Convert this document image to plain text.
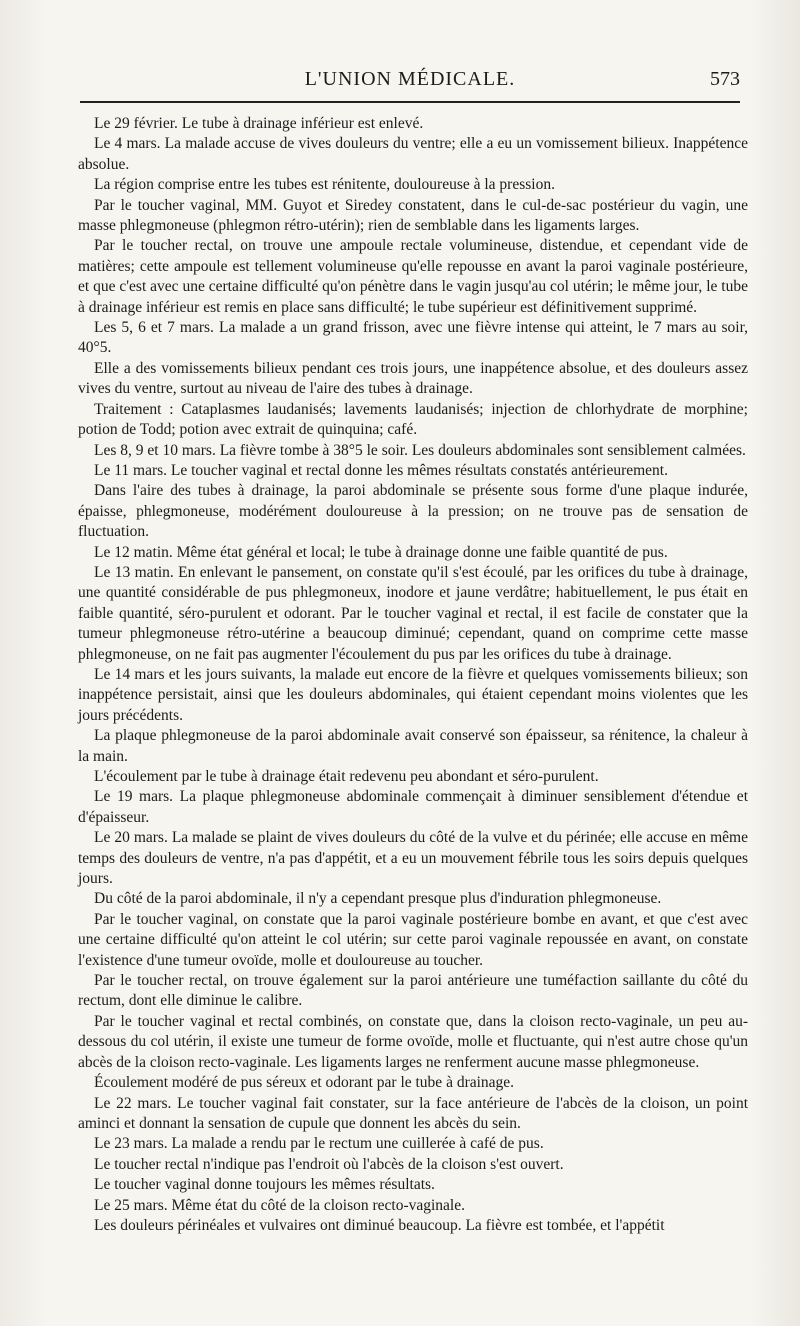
L'UNION MÉDICALE.	573

Le 29 février. Le tube à drainage inférieur est enlevé.

Le 4 mars. La malade accuse de vives douleurs du ventre; elle a eu un vomissement bilieux. Inappétence absolue.

La région comprise entre les tubes est rénitente, douloureuse à la pression.

Par le toucher vaginal, MM. Guyot et Siredey constatent, dans le cul-de-sac postérieur du vagin, une masse phlegmoneuse (phlegmon rétro-utérin); rien de semblable dans les ligaments larges.

Par le toucher rectal, on trouve une ampoule rectale volumineuse, distendue, et cependant vide de matières; cette ampoule est tellement volumineuse qu'elle repousse en avant la paroi vaginale postérieure, et que c'est avec une certaine difficulté qu'on pénètre dans le vagin jusqu'au col utérin; le même jour, le tube à drainage inférieur est remis en place sans difficulté; le tube supérieur est définitivement supprimé.

Les 5, 6 et 7 mars. La malade a un grand frisson, avec une fièvre intense qui atteint, le 7 mars au soir, 40°5.

Elle a des vomissements bilieux pendant ces trois jours, une inappétence absolue, et des douleurs assez vives du ventre, surtout au niveau de l'aire des tubes à drainage.

Traitement : Cataplasmes laudanisés; lavements laudanisés; injection de chlorhydrate de morphine; potion de Todd; potion avec extrait de quinquina; café.

Les 8, 9 et 10 mars. La fièvre tombe à 38°5 le soir. Les douleurs abdominales sont sensiblement calmées.

Le 11 mars. Le toucher vaginal et rectal donne les mêmes résultats constatés antérieurement.

Dans l'aire des tubes à drainage, la paroi abdominale se présente sous forme d'une plaque indurée, épaisse, phlegmoneuse, modérément douloureuse à la pression; on ne trouve pas de sensation de fluctuation.

Le 12 matin. Même état général et local; le tube à drainage donne une faible quantité de pus.

Le 13 matin. En enlevant le pansement, on constate qu'il s'est écoulé, par les orifices du tube à drainage, une quantité considérable de pus phlegmoneux, inodore et jaune verdâtre; habituellement, le pus était en faible quantité, séro-purulent et odorant. Par le toucher vaginal et rectal, il est facile de constater que la tumeur phlegmoneuse rétro-utérine a beaucoup diminué; cependant, quand on comprime cette masse phlegmoneuse, on ne fait pas augmenter l'écoulement du pus par les orifices du tube à drainage.

Le 14 mars et les jours suivants, la malade eut encore de la fièvre et quelques vomissements bilieux; son inappétence persistait, ainsi que les douleurs abdominales, qui étaient cependant moins violentes que les jours précédents.

La plaque phlegmoneuse de la paroi abdominale avait conservé son épaisseur, sa rénitence, la chaleur à la main.

L'écoulement par le tube à drainage était redevenu peu abondant et séro-purulent.

Le 19 mars. La plaque phlegmoneuse abdominale commençait à diminuer sensiblement d'étendue et d'épaisseur.

Le 20 mars. La malade se plaint de vives douleurs du côté de la vulve et du périnée; elle accuse en même temps des douleurs de ventre, n'a pas d'appétit, et a eu un mouvement fébrile tous les soirs depuis quelques jours.

Du côté de la paroi abdominale, il n'y a cependant presque plus d'induration phlegmoneuse.

Par le toucher vaginal, on constate que la paroi vaginale postérieure bombe en avant, et que c'est avec une certaine difficulté qu'on atteint le col utérin; sur cette paroi vaginale repoussée en avant, on constate l'existence d'une tumeur ovoïde, molle et douloureuse au toucher.

Par le toucher rectal, on trouve également sur la paroi antérieure une tuméfaction saillante du côté du rectum, dont elle diminue le calibre.

Par le toucher vaginal et rectal combinés, on constate que, dans la cloison recto-vaginale, un peu au-dessous du col utérin, il existe une tumeur de forme ovoïde, molle et fluctuante, qui n'est autre chose qu'un abcès de la cloison recto-vaginale. Les ligaments larges ne renferment aucune masse phlegmoneuse.

Écoulement modéré de pus séreux et odorant par le tube à drainage.

Le 22 mars. Le toucher vaginal fait constater, sur la face antérieure de l'abcès de la cloison, un point aminci et donnant la sensation de cupule que donnent les abcès du sein.

Le 23 mars. La malade a rendu par le rectum une cuillerée à café de pus.

Le toucher rectal n'indique pas l'endroit où l'abcès de la cloison s'est ouvert.

Le toucher vaginal donne toujours les mêmes résultats.

Le 25 mars. Même état du côté de la cloison recto-vaginale.

Les douleurs périnéales et vulvaires ont diminué beaucoup. La fièvre est tombée, et l'appétit
